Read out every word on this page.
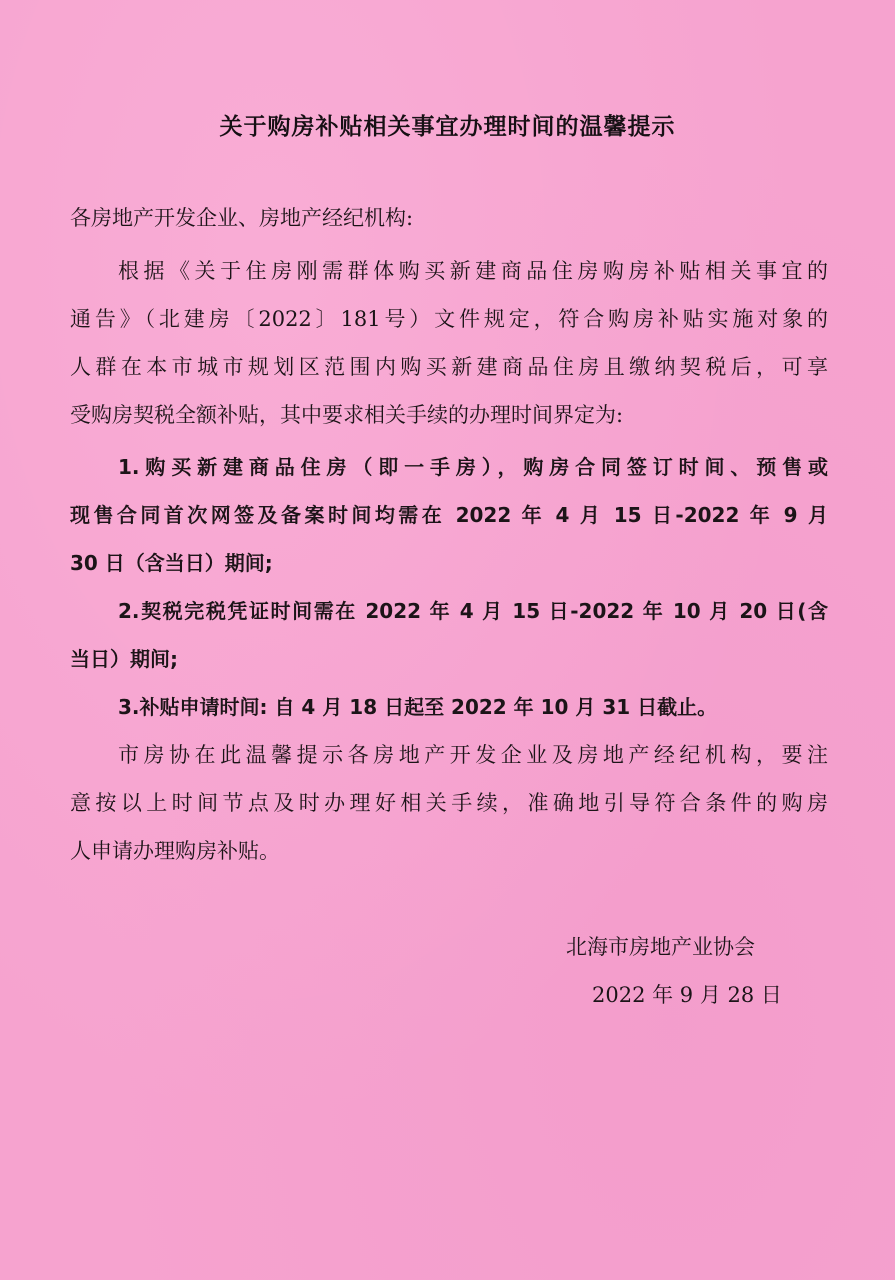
关于购房补贴相关事宜办理时间的温馨提示
各房地产开发企业、房地产经纪机构:
根据《关于住房刚需群体购买新建商品住房购房补贴相关事宜的
通告》（北建房〔2022〕181号）文件规定，符合购房补贴实施对象的
人群在本市城市规划区范围内购买新建商品住房且缴纳契税后，可享
受购房契税全额补贴，其中要求相关手续的办理时间界定为:
1.购买新建商品住房（即一手房），购房合同签订时间、预售或
现售合同首次网签及备案时间均需在 2022 年 4 月 15 日-2022 年 9 月
30 日（含当日）期间;
2.契税完税凭证时间需在 2022 年 4 月 15 日-2022 年 10 月 20 日(含
当日）期间;
3.补贴申请时间: 自 4 月 18 日起至 2022 年 10 月 31 日截止。
市房协在此温馨提示各房地产开发企业及房地产经纪机构，要注
意按以上时间节点及时办理好相关手续，准确地引导符合条件的购房
人申请办理购房补贴。
北海市房地产业协会
2022 年 9 月 28 日
